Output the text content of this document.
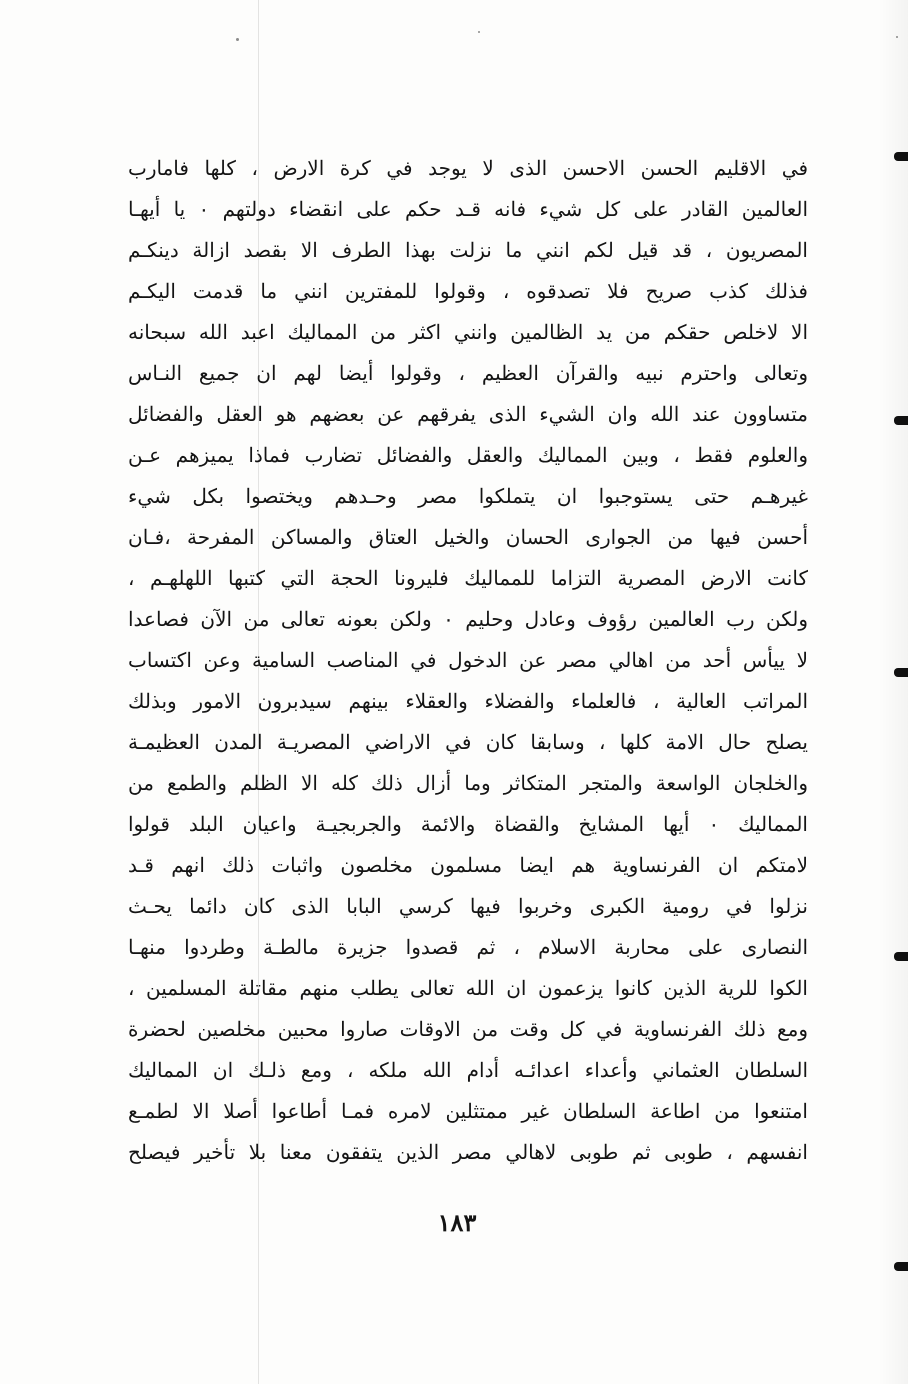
في الاقليم الحسن الاحسن الذى لا يوجد في كرة الارض ، كلها فامارب
العالمين القادر على كل شيء فانه قـد حكم على انقضاء دولتهم ٠ يا أيهـا
المصريون ، قد قيل لكم انني ما نزلت بهذا الطرف الا بقصد ازالة دينكـم
فذلك كذب صريح فلا تصدقوه ، وقولوا للمفترين انني ما قدمت اليكـم
الا لاخلص حقكم من يد الظالمين وانني اكثر من المماليك اعبد الله سبحانه
وتعالى واحترم نبيه والقرآن العظيم ، وقولوا أيضا لهم ان جميع النـاس
متساوون عند الله وان الشيء الذى يفرقهم عن بعضهم هو العقل والفضائل
والعلوم فقط ، وبين المماليك والعقل والفضائل تضارب فماذا يميزهم عـن
غيرهـم حتى يستوجبوا ان يتملكوا مصر وحـدهم ويختصوا بكل شيء
أحسن فيها من الجوارى الحسان والخيل العتاق والمساكن المفرحة ،فـان
كانت الارض المصرية التزاما للمماليك فليرونا الحجة التي كتبها اللهلهـم ،
ولكن رب العالمين رؤوف وعادل وحليم ٠ ولكن بعونه تعالى من الآن فصاعدا
لا ييأس أحد من اهالي مصر عن الدخول في المناصب السامية وعن اكتساب
المراتب العالية ، فالعلماء والفضلاء والعقلاء بينهم سيدبرون الامور وبذلك
يصلح حال الامة كلها ، وسابقا كان في الاراضي المصريـة المدن العظيمـة
والخلجان الواسعة والمتجر المتكاثر وما أزال ذلك كله الا الظلم والطمع من
المماليك ٠ أيها المشايخ والقضاة والائمة والجربجيـة واعيان البلد قولوا
لامتكم ان الفرنساوية هم ايضا مسلمون مخلصون واثبات ذلك انهم قـد
نزلوا في رومية الكبرى وخربوا فيها كرسي البابا الذى كان دائما يحـث
النصارى على محاربة الاسلام ، ثم قصدوا جزيرة مالطـة وطردوا منهـا
الكوا للرية الذين كانوا يزعمون ان الله تعالى يطلب منهم مقاتلة المسلمين ،
ومع ذلك الفرنساوية في كل وقت من الاوقات صاروا محبين مخلصين لحضرة
السلطان العثماني وأعداء اعدائـه أدام الله ملكه ، ومع ذلـك ان المماليك
امتنعوا من اطاعة السلطان غير ممتثلين لامره فمـا أطاعوا أصلا الا لطمـع
انفسهم ، طوبى ثم طوبى لاهالي مصر الذين يتفقون معنا بلا تأخير فيصلح
١٨٣
